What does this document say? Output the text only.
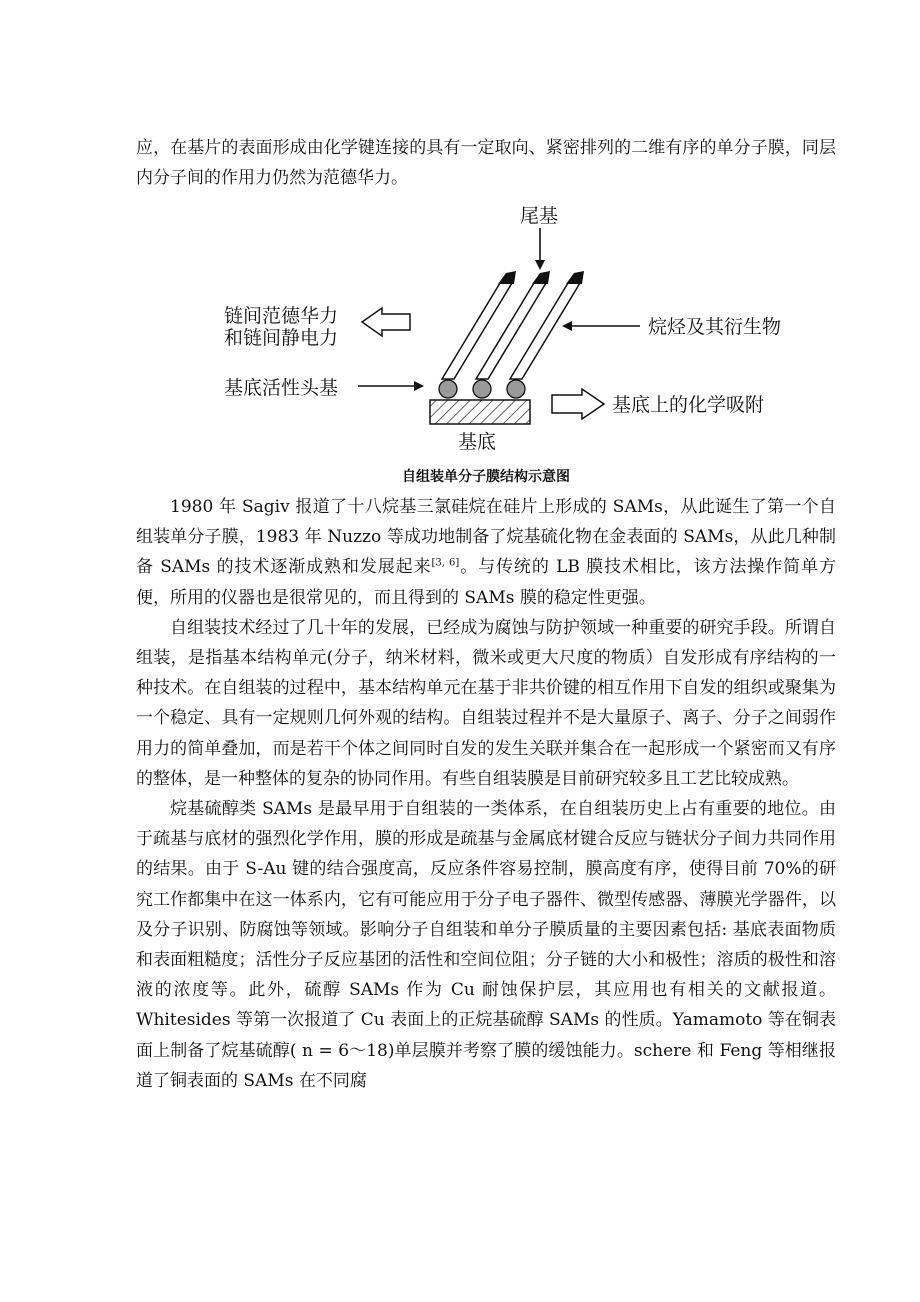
应，在基片的表面形成由化学键连接的具有一定取向、紧密排列的二维有序的单分子膜，同层内分子间的作用力仍然为范德华力。

尾基
链间范德华力
和链间静电力	烷烃及其衍生物
基底活性头基
基底上的化学吸附
基底
自组装单分子膜结构示意图

1980 年 Sagiv 报道了十八烷基三氯硅烷在硅片上形成的 SAMs，从此诞生了第一个自组装单分子膜，1983 年 Nuzzo 等成功地制备了烷基硫化物在金表面的 SAMs，从此几种制备 SAMs 的技术逐渐成熟和发展起来[3, 6]。与传统的 LB 膜技术相比，该方法操作简单方便，所用的仪器也是很常见的，而且得到的 SAMs 膜的稳定性更强。

自组装技术经过了几十年的发展，已经成为腐蚀与防护领域一种重要的研究手段。所谓自组装，是指基本结构单元(分子，纳米材料，微米或更大尺度的物质）自发形成有序结构的一种技术。在自组装的过程中，基本结构单元在基于非共价键的相互作用下自发的组织或聚集为一个稳定、具有一定规则几何外观的结构。自组装过程并不是大量原子、离子、分子之间弱作用力的简单叠加，而是若干个体之间同时自发的发生关联并集合在一起形成一个紧密而又有序的整体，是一种整体的复杂的协同作用。有些自组装膜是目前研究较多且工艺比较成熟。

烷基硫醇类 SAMs 是最早用于自组装的一类体系，在自组装历史上占有重要的地位。由于疏基与底材的强烈化学作用，膜的形成是疏基与金属底材键合反应与链状分子间力共同作用的结果。由于 S-Au 键的结合强度高，反应条件容易控制，膜高度有序，使得目前 70%的研究工作都集中在这一体系内，它有可能应用于分子电子器件、微型传感器、薄膜光学器件，以及分子识别、防腐蚀等领域。影响分子自组装和单分子膜质量的主要因素包括: 基底表面物质和表面粗糙度；活性分子反应基团的活性和空间位阻；分子链的大小和极性；溶质的极性和溶液的浓度等。此外，硫醇 SAMs 作为 Cu 耐蚀保护层，其应用也有相关的文献报道。Whitesides 等第一次报道了 Cu 表面上的正烷基硫醇 SAMs 的性质。Yamamoto 等在铜表面上制备了烷基硫醇( n = 6～18)单层膜并考察了膜的缓蚀能力。schere 和 Feng 等相继报道了铜表面的 SAMs 在不同腐
